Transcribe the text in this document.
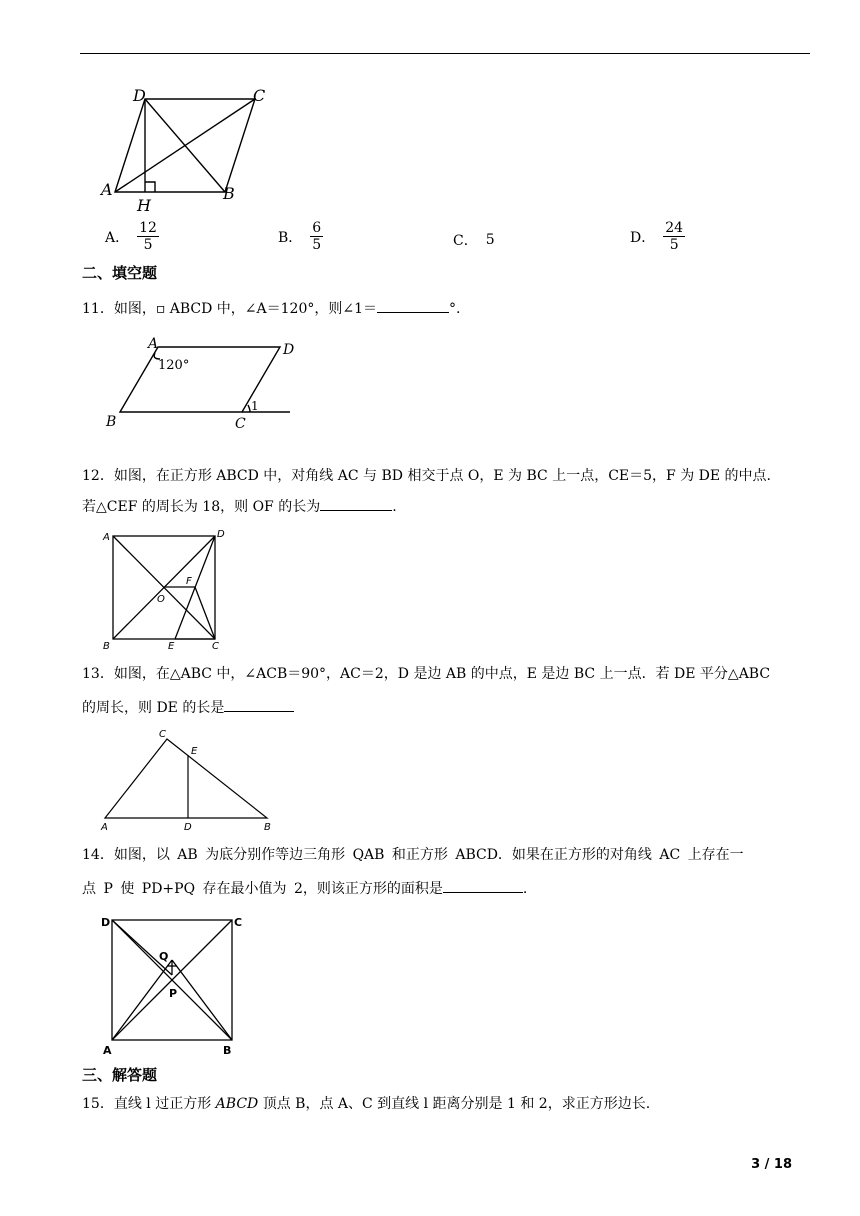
D	C
A	B
H
A． $\frac{12}{5}$	B． $\frac{6}{5}$	C． 5	D． $\frac{24}{5}$
二、填空题
11．如图，▫ ABCD 中，∠A＝120°，则∠1＝	°.
A	D
B	C
120°
1
12．如图，在正方形 ABCD 中，对角线 AC 与 BD 相交于点 O，E 为 BC 上一点，CE＝5，F 为 DE 的中点.
若△CEF 的周长为 18，则 OF 的长为	.
A	D
B	E	C
O
F
13．如图，在△ABC 中，∠ACB＝90°，AC＝2，D 是边 AB 的中点，E 是边 BC 上一点．若 DE 平分△ABC
的周长，则 DE 的长是
C
E
A	D	B
14．如图，以 AB 为底分别作等边三角形 QAB 和正方形 ABCD．如果在正方形的对角线 AC 上存在一
点 P 使 PD+PQ 存在最小值为 2，则该正方形的面积是	.
D	C
Q
P
A	B
三、解答题
15．直线 l 过正方形 ABCD 顶点 B，点 A、C 到直线 l 距离分别是 1 和 2，求正方形边长.
3 / 18
